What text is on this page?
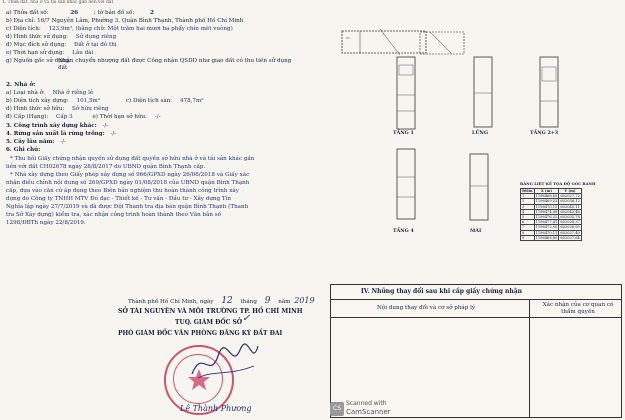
1. Thửa đất, nhà ở và tài sản khác gắn liền với đất
a) Thửa đất số:	26	; tờ bản đồ số:	2
b) Địa chỉ: 16/7 Nguyễn Lâm, Phường 3, Quận Bình Thạnh, Thành phố Hồ Chí Minh
c) Diện tích: 123,9m², (bằng chữ: Một trăm hai mươi ba phẩy chín mét vuông)
d) Hình thức sử dụng: Sử dụng riêng
đ) Mục đích sử dụng: Đất ở tại đô thị
e) Thời hạn sử dụng: Lâu dài
g) Nguồn gốc sử dụng:
Nhận chuyển nhượng đất được Công nhận QSDD như giao đất có thu tiền sử dụng đất
2. Nhà ở:
a) Loại nhà ở: Nhà ở riêng lẻ
b) Diện tích xây dựng: 101,5m²	c) Diện tích sàn: 478,7m²
d) Hình thức sở hữu: Sở hữu riêng
đ) Cấp (Hạng): Cấp 3	e) Thời hạn sở hữu: -/-
3. Công trình xây dựng khác: -/-
4. Rừng sản xuất là rừng trồng: -/-
5. Cây lâu năm: -/-
6. Ghi chú:
* Thu hồi Giấy chứng nhận quyền sử dụng đất quyền sở hữu nhà ở và tài sản khác gắn
liền với đất CH02678 ngày 28/8/2017 do UBND quận Bình Thạnh cấp.
* Nhà xây dựng theo Giấy phép xây dựng số 966/GPXD ngày 26/06/2018 và Giấy xác
nhận điều chỉnh nội dung số 269/GPXD ngày 01/08/2018 của UBND quận Bình Thạnh
cấp, dựa vào căn cứ áp dụng theo Biên bản nghiệm thu hoàn thành công trình xây
dựng do Công ty TNHH MTV Đo đạc - Thiết kế - Tư vấn - Đầu tư - Xây dựng Tín
Nghĩa lập ngày 27/7/2019 và đã được Đội Thanh tra địa bàn quận Bình Thạnh (Thanh
tra Sở Xây dựng) kiểm tra, xác nhận công trình hoàn thành theo Văn bản số
1298/ĐBTh ngày 22/8/2019.
Thành phố Hồ Chí Minh, ngày 12 tháng 9 năm 2019
SỞ TÀI NGUYÊN VÀ MÔI TRƯỜNG TP. HỒ CHÍ MINH
TUQ. GIÁM ĐỐC SỞ ✓
PHÓ GIÁM ĐỐC VĂN PHÒNG ĐĂNG KÝ ĐẤT ĐAI
Lê Thành Phương
▭
TẦNG 1	LỬNG	TẦNG 2+3
TẦNG 4	MÁI
BẢNG LIỆT KÊ TỌA ĐỘ GÓC RANH
Điểm	X (m)	Y (m)
1	1196468,65	602027,72
2	1196469,23	602036,12
3	1196470,15	602045,11
4	1196474,88	602043,46
5	1196476,32	602035,78
6	1196477,41	602028,37
7	1196472,90	602026,95
8	1196470,11	602027,40
9	1196468,80	602027,64
IV. Những thay đổi sau khi cấp giấy chứng nhận
Nội dung thay đổi và cơ sở pháp lý	Xác nhận của cơ quan có thẩm quyền
CS
Scanned with
CamScanner
